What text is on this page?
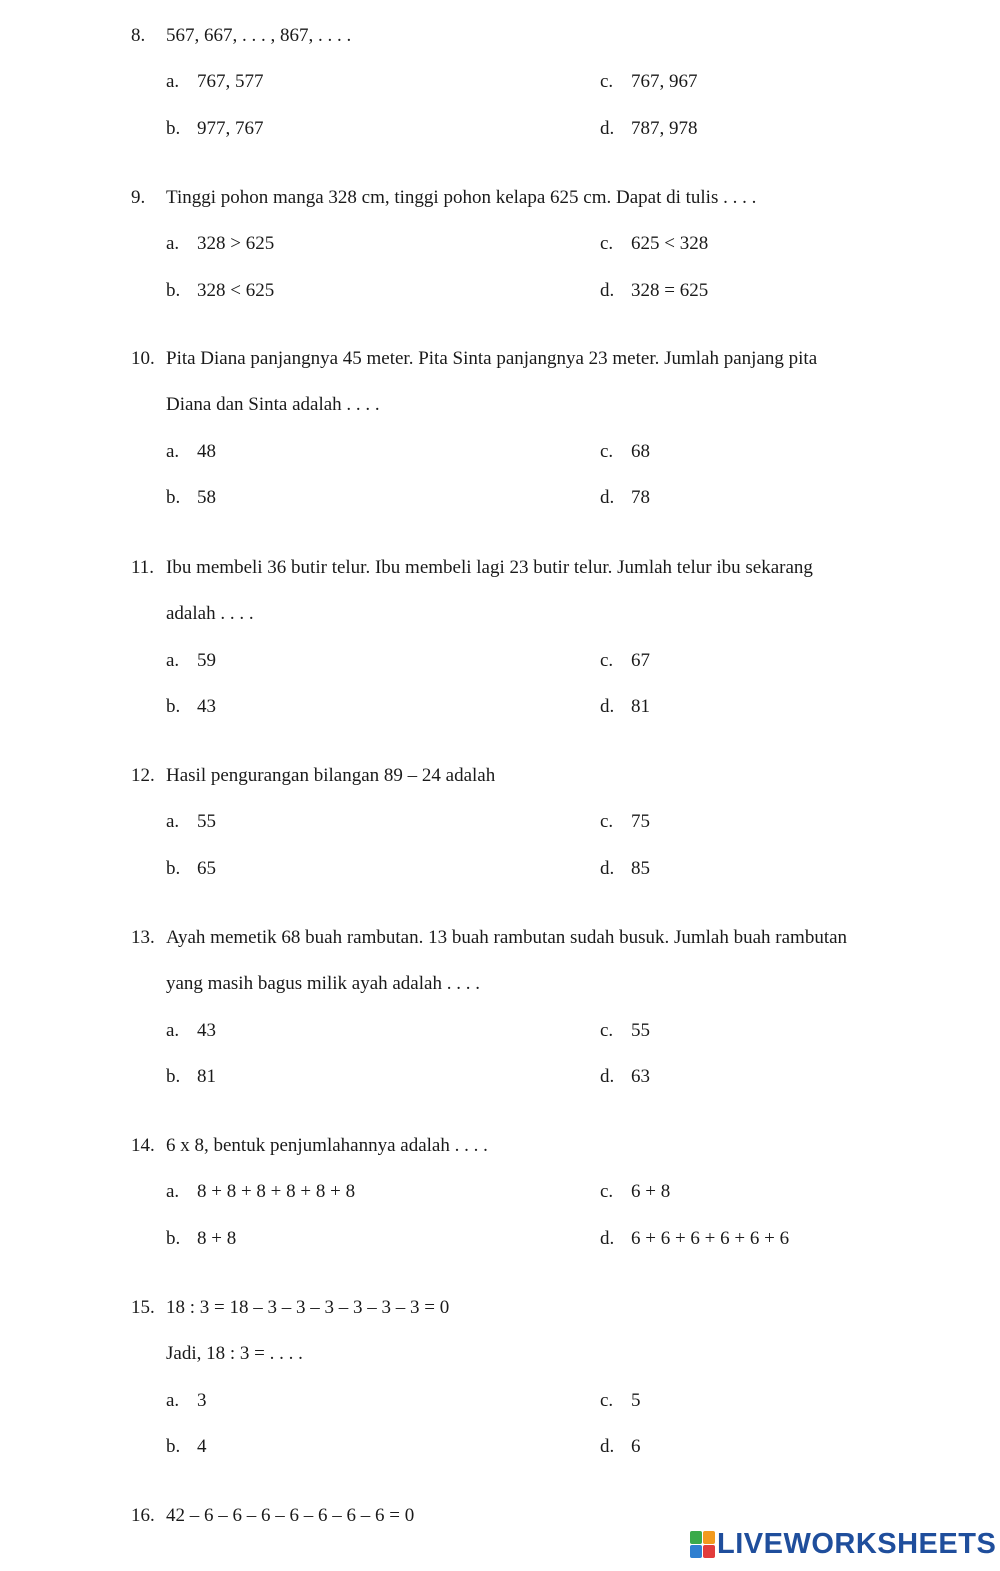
8. 567, 667, . . . , 867, . . . .
a. 767, 577	c. 767, 967
b. 977, 767	d. 787, 978
9. Tinggi pohon manga 328 cm, tinggi pohon kelapa 625 cm. Dapat di tulis . . . .
a. 328 > 625	c. 625 < 328
b. 328 < 625	d. 328 = 625
10. Pita Diana panjangnya 45 meter. Pita Sinta panjangnya 23 meter. Jumlah panjang pita
Diana dan Sinta adalah . . . .
a. 48	c. 68
b. 58	d. 78
11. Ibu membeli 36 butir telur. Ibu membeli lagi 23 butir telur. Jumlah telur ibu sekarang
adalah . . . .
a. 59	c. 67
b. 43	d. 81
12. Hasil pengurangan bilangan 89 – 24 adalah
a. 55	c. 75
b. 65	d. 85
13. Ayah memetik 68 buah rambutan. 13 buah rambutan sudah busuk. Jumlah buah rambutan
yang masih bagus milik ayah adalah . . . .
a. 43	c. 55
b. 81	d. 63
14. 6 x 8, bentuk penjumlahannya adalah . . . .
a. 8 + 8 + 8 + 8 + 8 + 8	c. 6 + 8
b. 8 + 8	d. 6 + 6 + 6 + 6 + 6 + 6
15. 18 : 3 = 18 – 3 – 3 – 3 – 3 – 3 – 3 = 0
Jadi, 18 : 3 = . . . .
a. 3	c. 5
b. 4	d. 6
16. 42 – 6 – 6 – 6 – 6 – 6 – 6 – 6 = 0
LIVEWORKSHEETS
